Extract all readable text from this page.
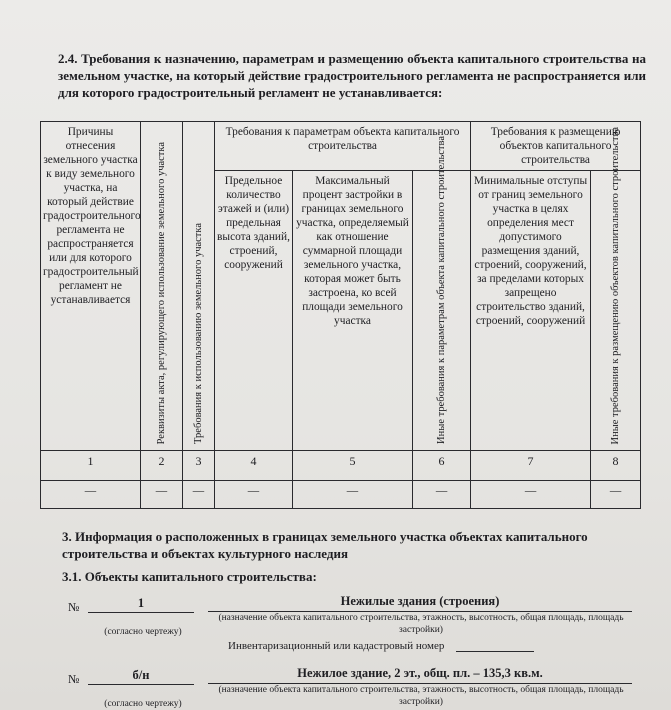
2.4. Требования к назначению, параметрам и размещению объекта капитального строительства на земельном участке, на который действие градостроительного регламента не распространяется или для которого градостроительный регламент не устанавливается:
Причины отнесения земельного участка к виду земельного участка, на который действие градостроительного регламента не распространяется или для которого градостроительный регламент не устанавливается	Реквизиты акта, регулирующего использование земельного участка	Требования к использованию земельного участка	Требования к параметрам объекта капитального строительства			Требования к размещению объектов капитального строительства	
			Предельное количество этажей и (или) предельная высота зданий, строений, сооружений	Максимальный процент застройки в границах земельного участка, определяемый как отношение суммарной площади земельного участка, которая может быть застроена, ко всей площади земельного участка	Иные требования к параметрам объекта капитального строительства	Минимальные отступы от границ земельного участка в целях определения мест допустимого размещения зданий, строений, сооружений, за пределами которых запрещено строительство зданий, строений, сооружений	Иные требования к размещению объектов капитального строительства

1	2	3	4	5	6	7	8
—	—	—	—	—	—	—	—
3. Информация о расположенных в границах земельного участка объектах капитального строительства и объектах культурного наследия
3.1. Объекты капитального строительства:
№	1	Нежилые здания (строения)
(согласно чертежу)
(назначение объекта капитального строительства, этажность, высотность, общая площадь, площадь застройки)
Инвентаризационный или кадастровый номер
№	б/н	Нежилое здание, 2 эт., общ. пл. – 135,3 кв.м.
(согласно чертежу)
(назначение объекта капитального строительства, этажность, высотность, общая площадь, площадь застройки)
